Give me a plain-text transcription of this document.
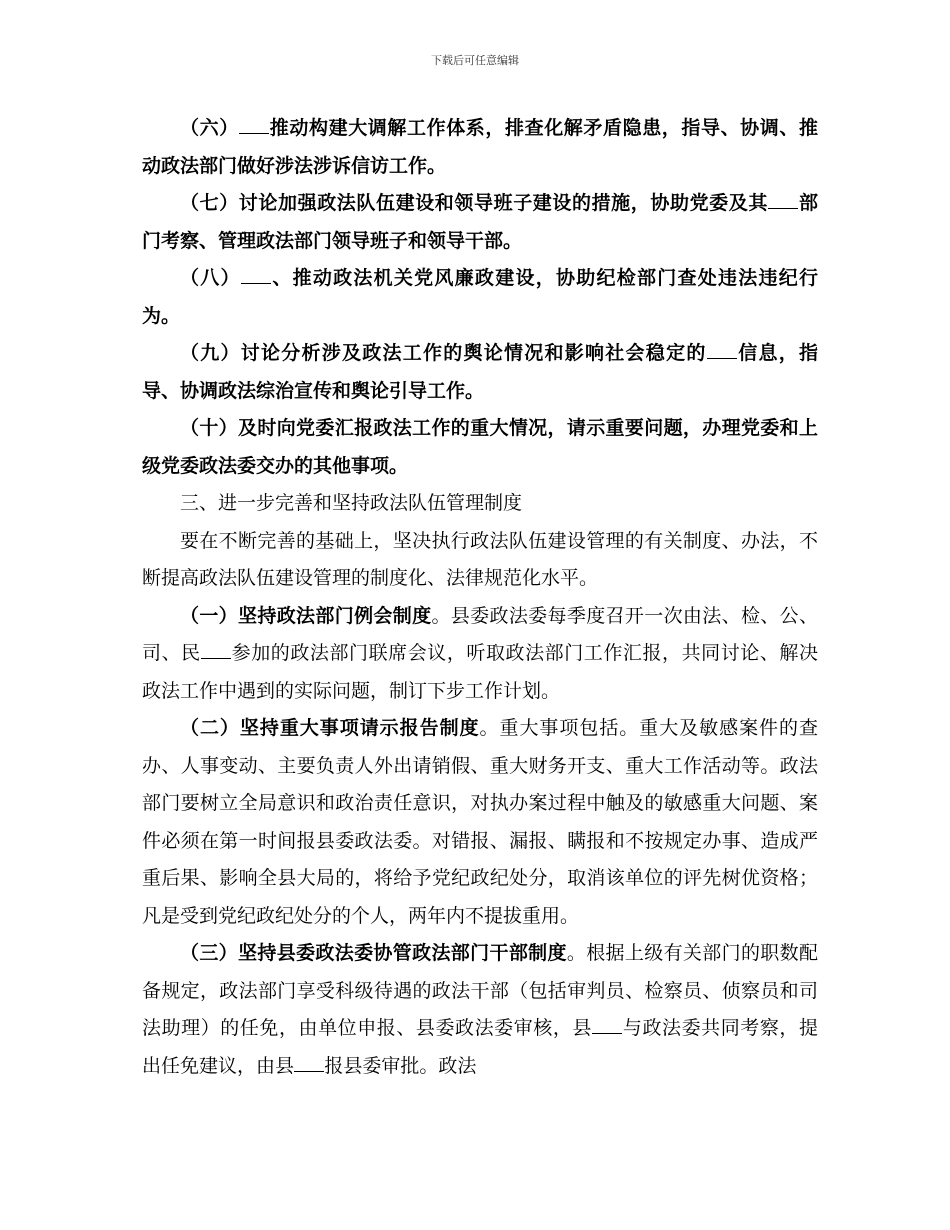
下载后可任意编辑

（六） 推动构建大调解工作体系，排查化解矛盾隐患，指导、协调、推动政法部门做好涉法涉诉信访工作。

（七）讨论加强政法队伍建设和领导班子建设的措施，协助党委及其 部门考察、管理政法部门领导班子和领导干部。

（八） 、推动政法机关党风廉政建设，协助纪检部门查处违法违纪行为。

（九）讨论分析涉及政法工作的舆论情况和影响社会稳定的 信息，指导、协调政法综治宣传和舆论引导工作。

（十）及时向党委汇报政法工作的重大情况，请示重要问题，办理党委和上级党委政法委交办的其他事项。

三、进一步完善和坚持政法队伍管理制度

要在不断完善的基础上，坚决执行政法队伍建设管理的有关制度、办法，不断提高政法队伍建设管理的制度化、法律规范化水平。

（一）坚持政法部门例会制度。县委政法委每季度召开一次由法、检、公、司、民 参加的政法部门联席会议，听取政法部门工作汇报，共同讨论、解决政法工作中遇到的实际问题，制订下步工作计划。

（二）坚持重大事项请示报告制度。重大事项包括。重大及敏感案件的查办、人事变动、主要负责人外出请销假、重大财务开支、重大工作活动等。政法部门要树立全局意识和政治责任意识，对执办案过程中触及的敏感重大问题、案件必须在第一时间报县委政法委。对错报、漏报、瞒报和不按规定办事、造成严重后果、影响全县大局的，将给予党纪政纪处分，取消该单位的评先树优资格；凡是受到党纪政纪处分的个人，两年内不提拔重用。

（三）坚持县委政法委协管政法部门干部制度。根据上级有关部门的职数配备规定，政法部门享受科级待遇的政法干部（包括审判员、检察员、侦察员和司法助理）的任免，由单位申报、县委政法委审核，县 与政法委共同考察，提出任免建议，由县 报县委审批。政法
